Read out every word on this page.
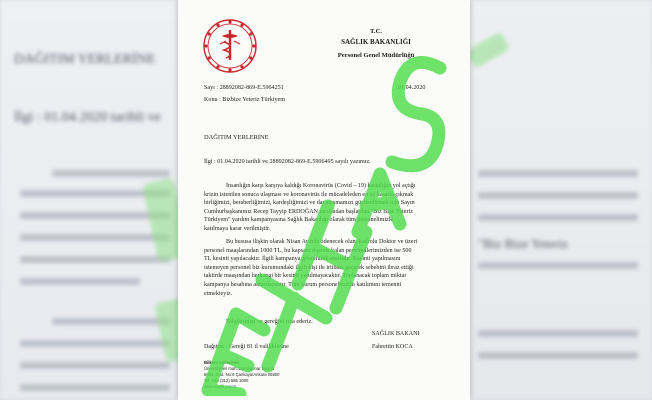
DAĞITIM YERLERİNE
İlgi : 01.04.2020 tarihli ve
"Biz Bize Yeteriz
T.C.
SAĞLIK BAKANLIĞI
Personel Genel Müdürlüğü
Sayı : 28892082-869-E.5964251	01.04.2020
Konu : Bizbize Yeteriz Türkiyem
DAĞITIM YERLERİNE
İlgi : 01.04.2020 tarihli ve 28892082-869-E.5906495 sayılı yazımız.
İnsanlığın karşı karşıya kaldığı Koronavirüs (Covid – 19) hastalığın yol açtığı
krizin istenilen sonuca ulaşması ve koronavirüs ile mücadeleden en az hasarla çıkmak
birliğimizi, beraberliğimizi, kardeşliğimizi ve dayanışmamızı güçlendirmek için Sayın
Cumhurbaşkanımız Recep Tayyip ERDOĞAN tarafından başlatılan "Biz Bize Yeteriz
Türkiyem" yardım kampanyasına Sağlık Bakanlığı olarak tüm personelimizle
katılmaya karar verilmiştir.
Bu hususa ilişkin olarak Nisan Ayında ödenecek olan; kadrolu Doktor ve üzeri
personel maaşlarından 1000 TL, bu kapsam dışında kalan personellerimizden ise 500
TL kesinti yapılacaktır. İlgili kampanya gönüllülük esaslıdır. Kesinti yapılmasını
istemeyen personel biz kurumundaki ilgili kişi ile irtibata geçerek sebebini ibraz ettiği
taktirde maaşından herhangi bir kesinti yapılmayacaktır. Toplanacak toplam miktar
kampanya hesabına aktarılacaktır. Tüm kurum personelimizin katılımını temenni
etmekteyiz.
Bilgilerinizi ve gereğini rica ederiz.
SAĞLIK BAKANI
Fahrettin KOCA
Dağıtım : Gereği 81 il valiliklerine
Bilkent yerleşkesi
Üniversiteler mah. Dumlupınar bulvarı
6001. Cad. No:9 Çankaya/Ankara 06800
Tel: +90 (312) 585 1000
www.saglik.gov.tr
